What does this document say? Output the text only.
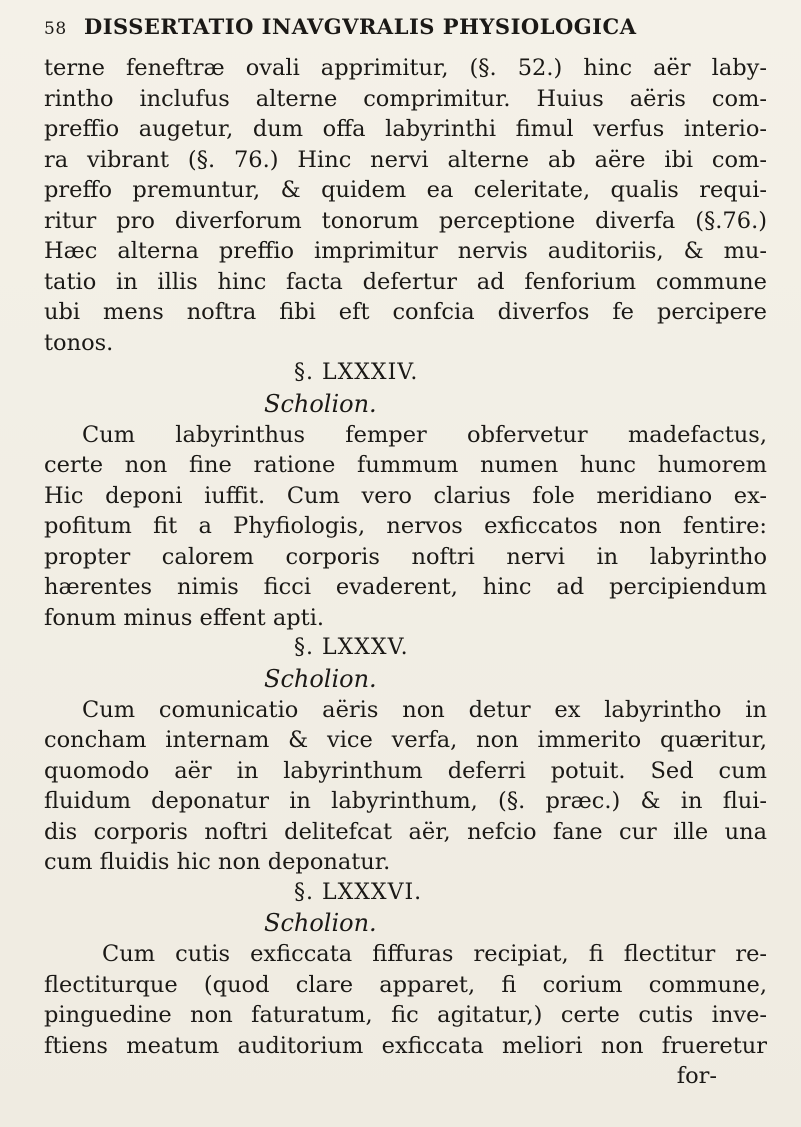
58 DISSERTATIO INAVGVRALIS PHYSIOLOGICA
terne feneftræ ovali apprimitur, (§. 52.) hinc aër laby-
rintho inclufus alterne comprimitur. Huius aëris com-
preffio augetur, dum offa labyrinthi fimul verfus interio-
ra vibrant (§. 76.) Hinc nervi alterne ab aëre ibi com-
preffo premuntur, & quidem ea celeritate, qualis requi-
ritur pro diverforum tonorum perceptione diverfa (§.76.)
Hæc alterna preffio imprimitur nervis auditoriis, & mu-
tatio in illis hinc facta defertur ad fenforium commune
ubi mens noftra fibi eft confcia diverfos fe percipere
tonos.
§. LXXXIV.
Scholion.
Cum labyrinthus femper obfervetur madefactus,
certe non fine ratione fummum numen hunc humorem
Hic deponi iuffit. Cum vero clarius fole meridiano ex-
pofitum fit a Phyfiologis, nervos exficcatos non fentire:
propter calorem corporis noftri nervi in labyrintho
hærentes nimis ficci evaderent, hinc ad percipiendum
fonum minus effent apti.
§. LXXXV.
Scholion.
Cum comunicatio aëris non detur ex labyrintho in
concham internam & vice verfa, non immerito quæritur,
quomodo aër in labyrinthum deferri potuit. Sed cum
fluidum deponatur in labyrinthum, (§. præc.) & in flui-
dis corporis noftri delitefcat aër, nefcio fane cur ille una
cum fluidis hic non deponatur.
§. LXXXVI.
Scholion.
Cum cutis exficcata fiffuras recipiat, fi flectitur re-
flectiturque (quod clare apparet, fi corium commune,
pinguedine non faturatum, fic agitatur,) certe cutis inve-
ftiens meatum auditorium exficcata meliori non frueretur
for-
